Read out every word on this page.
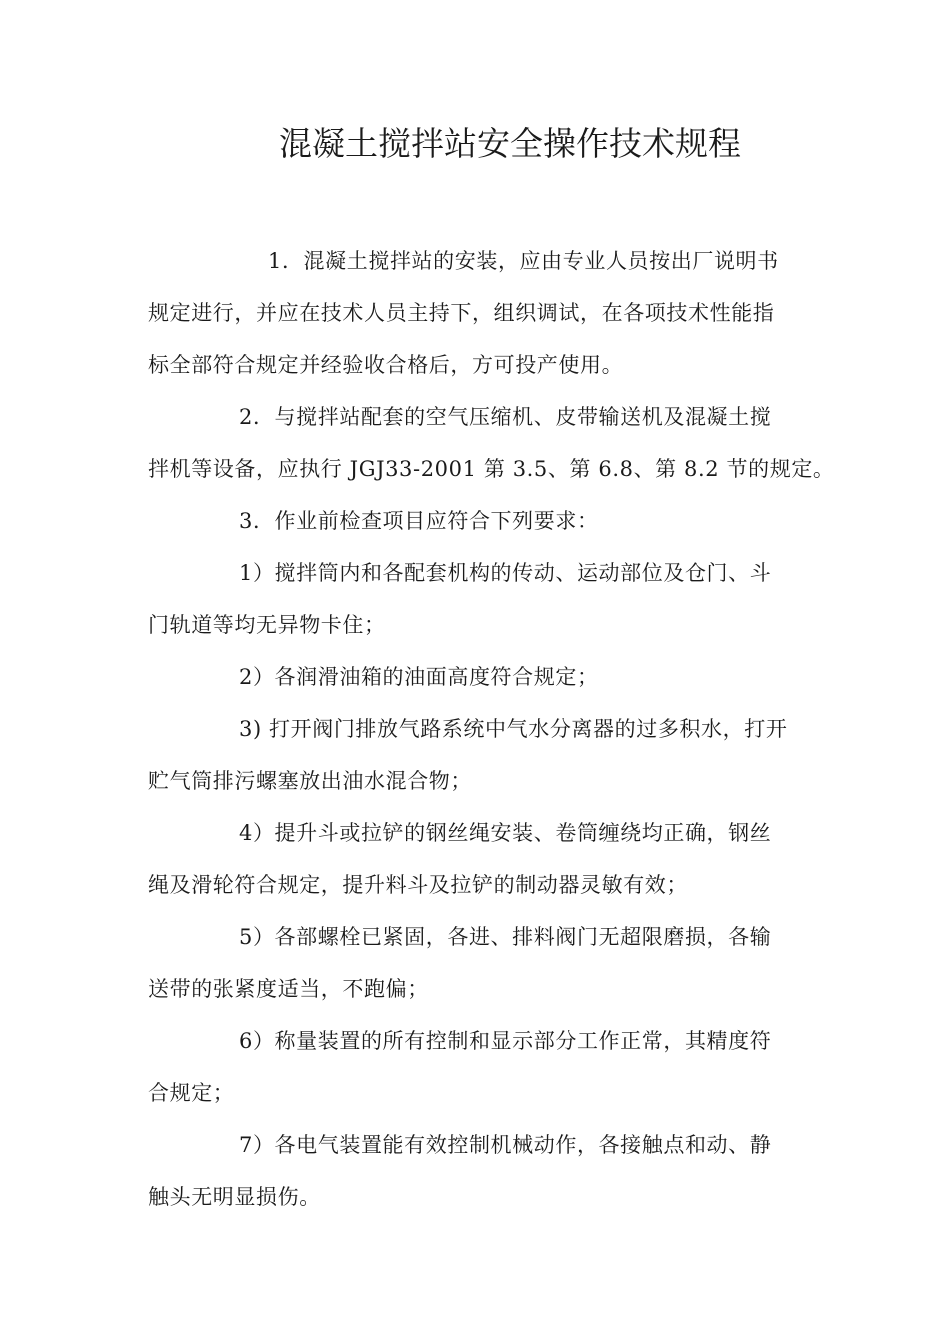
混凝土搅拌站安全操作技术规程
1．混凝土搅拌站的安装，应由专业人员按出厂说明书
规定进行，并应在技术人员主持下，组织调试，在各项技术性能指
标全部符合规定并经验收合格后，方可投产使用。
2．与搅拌站配套的空气压缩机、皮带输送机及混凝土搅
拌机等设备，应执行 JGJ33-2001 第 3.5、第 6.8、第 8.2 节的规定。
3．作业前检查项目应符合下列要求：
1）搅拌筒内和各配套机构的传动、运动部位及仓门、斗
门轨道等均无异物卡住；
2）各润滑油箱的油面高度符合规定；
3) 打开阀门排放气路系统中气水分离器的过多积水，打开
贮气筒排污螺塞放出油水混合物；
4）提升斗或拉铲的钢丝绳安装、卷筒缠绕均正确，钢丝
绳及滑轮符合规定，提升料斗及拉铲的制动器灵敏有效；
5）各部螺栓已紧固，各进、排料阀门无超限磨损，各输
送带的张紧度适当，不跑偏；
6）称量装置的所有控制和显示部分工作正常，其精度符
合规定；
7）各电气装置能有效控制机械动作，各接触点和动、静
触头无明显损伤。
